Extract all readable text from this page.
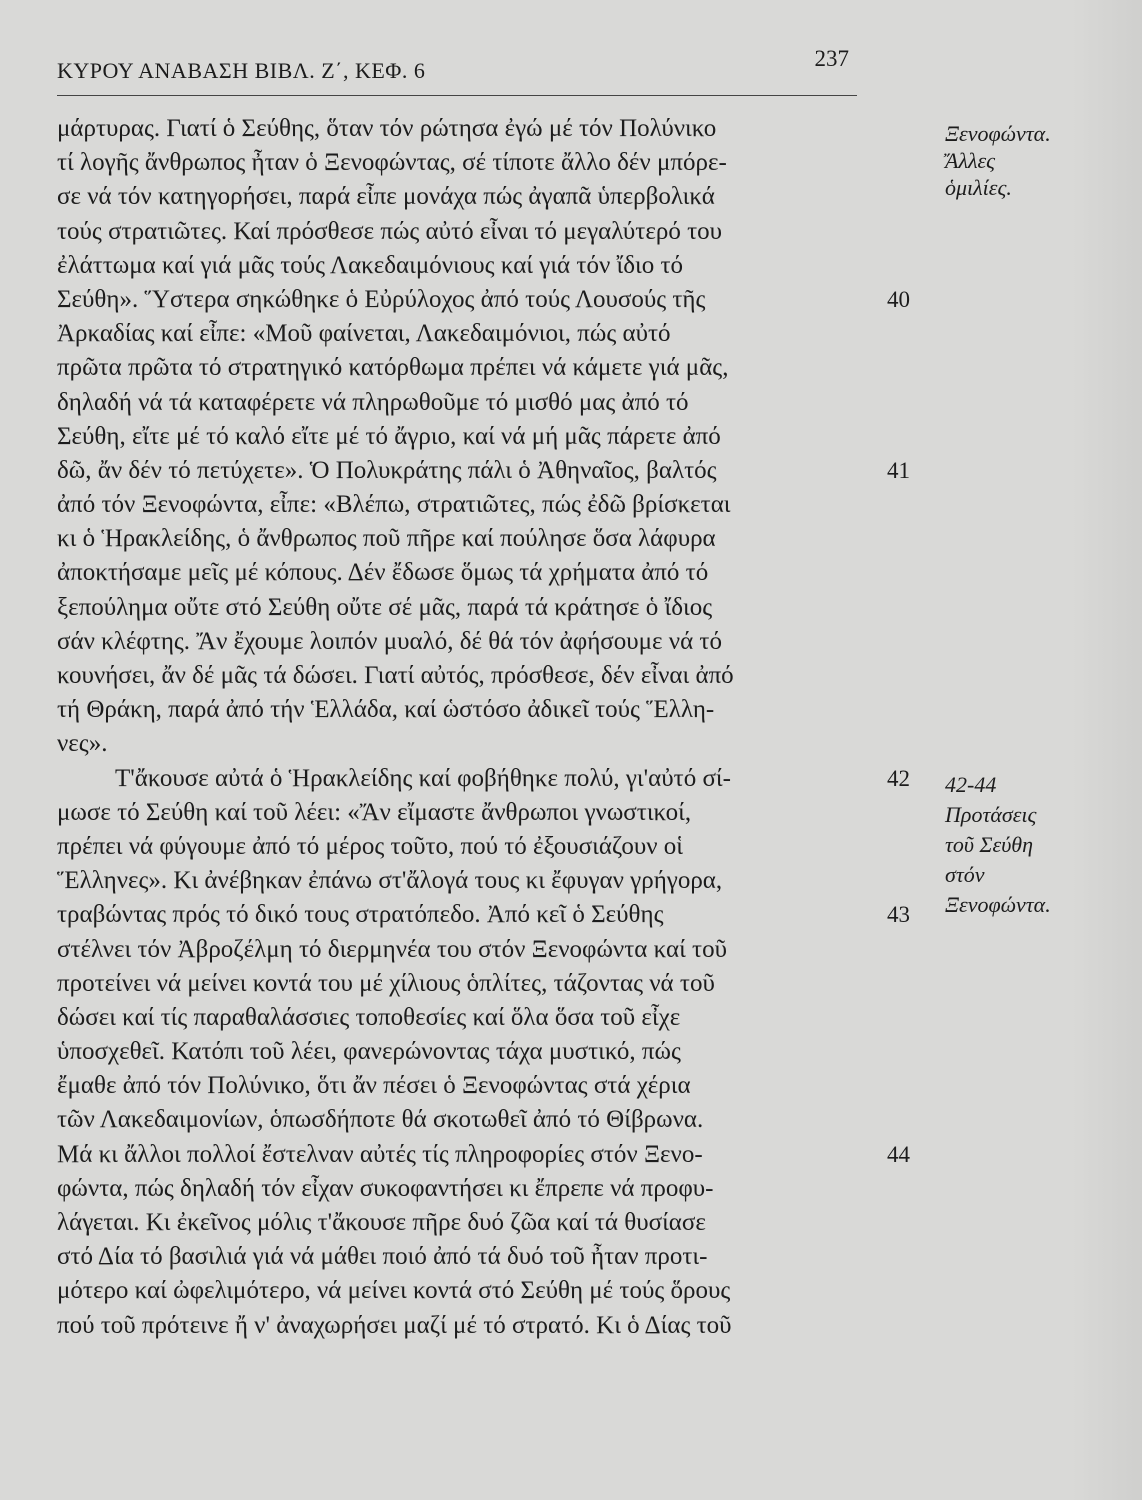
ΚΥΡΟΥ ΑΝΑΒΑΣΗ ΒΙΒΛ. Ζ΄, ΚΕΦ. 6	237
μάρτυρας. Γιατί ὁ Σεύθης, ὅταν τόν ρώτησα ἐγώ μέ τόν Πολύνικο
τί λογῆς ἄνθρωπος ἦταν ὁ Ξενοφώντας, σέ τίποτε ἄλλο δέν μπόρε-
σε νά τόν κατηγορήσει, παρά εἶπε μονάχα πώς ἀγαπᾶ ὑπερβολικά
τούς στρατιῶτες. Καί πρόσθεσε πώς αὐτό εἶναι τό μεγαλύτερό του
ἐλάττωμα καί γιά μᾶς τούς Λακεδαιμόνιους καί γιά τόν ἴδιο τό
Σεύθη». Ὕστερα σηκώθηκε ὁ Εὐρύλοχος ἀπό τούς Λουσούς τῆς	40
Ἀρκαδίας καί εἶπε: «Μοῦ φαίνεται, Λακεδαιμόνιοι, πώς αὐτό
πρῶτα πρῶτα τό στρατηγικό κατόρθωμα πρέπει νά κάμετε γιά μᾶς,
δηλαδή νά τά καταφέρετε νά πληρωθοῦμε τό μισθό μας ἀπό τό
Σεύθη, εἴτε μέ τό καλό εἴτε μέ τό ἄγριο, καί νά μή μᾶς πάρετε ἀπό
δῶ, ἄν δέν τό πετύχετε». Ὁ Πολυκράτης πάλι ὁ Ἀθηναῖος, βαλτός	41
ἀπό τόν Ξενοφώντα, εἶπε: «Βλέπω, στρατιῶτες, πώς ἐδῶ βρίσκεται
κι ὁ Ἡρακλείδης, ὁ ἄνθρωπος ποῦ πῆρε καί πούλησε ὅσα λάφυρα
ἀποκτήσαμε μεῖς μέ κόπους. Δέν ἔδωσε ὅμως τά χρήματα ἀπό τό
ξεπούλημα οὔτε στό Σεύθη οὔτε σέ μᾶς, παρά τά κράτησε ὁ ἴδιος
σάν κλέφτης. Ἄν ἔχουμε λοιπόν μυαλό, δέ θά τόν ἀφήσουμε νά τό
κουνήσει, ἄν δέ μᾶς τά δώσει. Γιατί αὐτός, πρόσθεσε, δέν εἶναι ἀπό
τή Θράκη, παρά ἀπό τήν Ἑλλάδα, καί ὡστόσο ἀδικεῖ τούς Ἕλλη-
νες».
Τ'ἄκουσε αὐτά ὁ Ἡρακλείδης καί φοβήθηκε πολύ, γι'αὐτό σί-	42
μωσε τό Σεύθη καί τοῦ λέει: «Ἄν εἴμαστε ἄνθρωποι γνωστικοί,
πρέπει νά φύγουμε ἀπό τό μέρος τοῦτο, πού τό ἐξουσιάζουν οἱ
Ἕλληνες». Κι ἀνέβηκαν ἐπάνω στ'ἄλογά τους κι ἔφυγαν γρήγορα,
τραβώντας πρός τό δικό τους στρατόπεδο. Ἀπό κεῖ ὁ Σεύθης	43
στέλνει τόν Ἀβροζέλμη τό διερμηνέα του στόν Ξενοφώντα καί τοῦ
προτείνει νά μείνει κοντά του μέ χίλιους ὁπλίτες, τάζοντας νά τοῦ
δώσει καί τίς παραθαλάσσιες τοποθεσίες καί ὅλα ὅσα τοῦ εἶχε
ὑποσχεθεῖ. Κατόπι τοῦ λέει, φανερώνοντας τάχα μυστικό, πώς
ἔμαθε ἀπό τόν Πολύνικο, ὅτι ἄν πέσει ὁ Ξενοφώντας στά χέρια
τῶν Λακεδαιμονίων, ὁπωσδήποτε θά σκοτωθεῖ ἀπό τό Θίβρωνα.
Μά κι ἄλλοι πολλοί ἔστελναν αὐτές τίς πληροφορίες στόν Ξενο-	44
φώντα, πώς δηλαδή τόν εἶχαν συκοφαντήσει κι ἔπρεπε νά προφυ-
λάγεται. Κι ἐκεῖνος μόλις τ'ἄκουσε πῆρε δυό ζῶα καί τά θυσίασε
στό Δία τό βασιλιά γιά νά μάθει ποιό ἀπό τά δυό τοῦ ἦταν προτι-
μότερο καί ὠφελιμότερο, νά μείνει κοντά στό Σεύθη μέ τούς ὅρους
πού τοῦ πρότεινε ἤ ν' ἀναχωρήσει μαζί μέ τό στρατό. Κι ὁ Δίας τοῦ
Ξενοφώντα.
Ἄλλες
ὁμιλίες.
42-44
Προτάσεις
τοῦ Σεύθη
στόν
Ξενοφώντα.
